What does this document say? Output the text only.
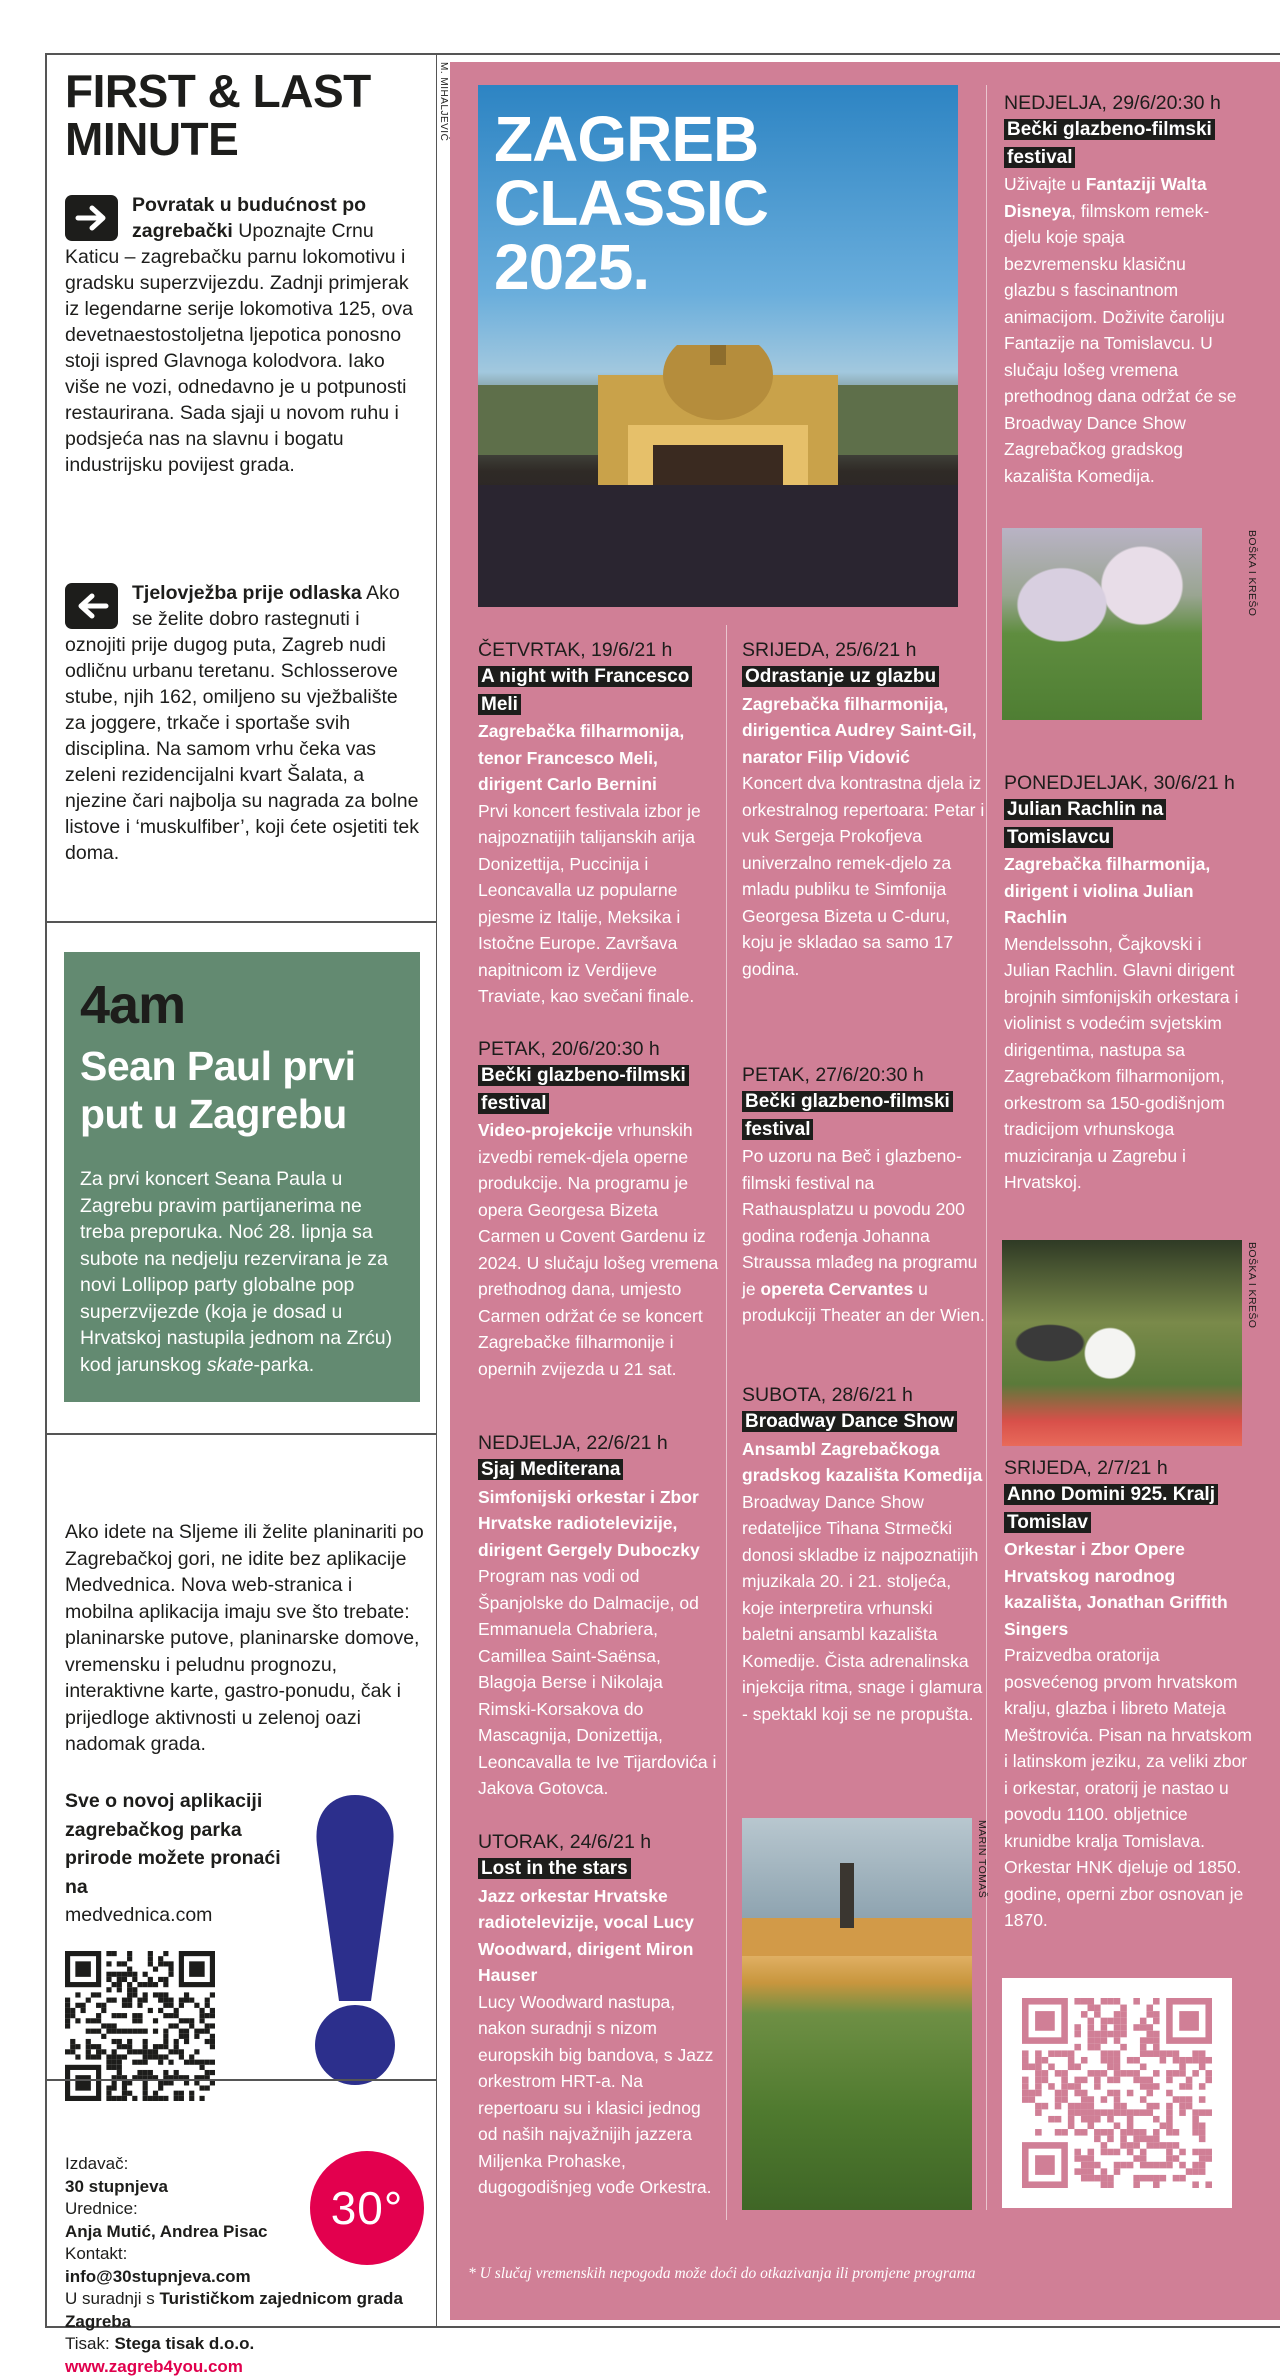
FIRST & LAST MINUTE
Povratak u budućnost po zagrebački Upoznajte Crnu Katicu – zagrebačku parnu lokomotivu i gradsku superzvijezdu. Zadnji primjerak iz legendarne serije lokomotiva 125, ova devetnaestostoljetna ljepotica ponosno stoji ispred Glavnoga kolodvora. Iako više ne vozi, odnedavno je u potpunosti restaurirana. Sada sjaji u novom ruhu i podsjeća nas na slavnu i bogatu industrijsku povijest grada.
Tjelovježba prije odlaska Ako se želite dobro rastegnuti i oznojiti prije dugog puta, Zagreb nudi odličnu urbanu teretanu. Schlosserove stube, njih 162, omiljeno su vježbalište za joggere, trkače i sportaše svih disciplina. Na samom vrhu čeka vas zeleni rezidencijalni kvart Šalata, a njezine čari najbolja su nagrada za bolne listove i ‘muskulfiber’, koji ćete osjetiti tek doma.
4am
Sean Paul prvi put u Zagrebu
Za prvi koncert Seana Paula u Zagrebu pravim partijanerima ne treba preporuka. Noć 28. lipnja sa subote na nedjelju rezervirana je za novi Lollipop party globalne pop superzvijezde (koja je dosad u Hrvatskoj nastupila jednom na Zrću) kod jarunskog skate-parka.
Ako idete na Sljeme ili želite planinariti po Zagrebačkoj gori, ne idite bez aplikacije Medvednica. Nova web-stranica i mobilna aplikacija imaju sve što trebate: planinarske putove, planinarske domove, vremensku i peludnu prognozu, interaktivne karte, gastro-ponudu, čak i prijedloge aktivnosti u zelenoj oazi nadomak grada.
Sve o novoj aplikaciji zagrebačkog parka prirode možete pronaći na
medvednica.com
Izdavač:
30 stupnjeva
Urednice:
Anja Mutić, Andrea Pisac
Kontakt:
info@30stupnjeva.com
U suradnji s Turističkom zajednicom grada Zagreba
Tisak: Stega tisak d.o.o.
www.zagreb4you.com
30°
M. MIHALJEVIĆ ZAGREB
CLASSIC
2025.
BOŠKA I KREŠO
BOŠKA I KREŠO
MARIN TOMAŠ
ČETVRTAK, 19/6/21 h
A night with Francesco Meli
Zagrebačka filharmonija, tenor Francesco Meli, dirigent Carlo Bernini
Prvi koncert festivala izbor je najpoznatijih talijanskih arija Donizettija, Puccinija i Leoncavalla uz popularne pjesme iz Italije, Meksika i Istočne Europe. Završava napitnicom iz Verdijeve Traviate, kao svečani finale.
PETAK, 20/6/20:30 h
Bečki glazbeno-filmski festival
Video-projekcije vrhunskih izvedbi remek-djela operne produkcije. Na programu je opera Georgesa Bizeta Carmen u Covent Gardenu iz 2024. U slučaju lošeg vremena prethodnog dana, umjesto Carmen održat će se koncert Zagrebačke filharmonije i opernih zvijezda u 21 sat.
NEDJELJA, 22/6/21 h
Sjaj Mediterana
Simfonijski orkestar i Zbor Hrvatske radiotelevizije, dirigent Gergely Duboczky
Program nas vodi od Španjolske do Dalmacije, od Emmanuela Chabriera, Camillea Saint-Saënsa, Blagoja Berse i Nikolaja Rimski-Korsakova do Mascagnija, Donizettija, Leoncavalla te Ive Tijardovića i Jakova Gotovca.
UTORAK, 24/6/21 h
Lost in the stars
Jazz orkestar Hrvatske radiotelevizije, vocal Lucy Woodward, dirigent Miron Hauser
Lucy Woodward nastupa, nakon suradnji s nizom europskih big bandova, s Jazz orkestrom HRT-a. Na repertoaru su i klasici jednog od naših najvažnijih jazzera Miljenka Prohaske, dugogodišnjeg vođe Orkestra.
SRIJEDA, 25/6/21 h
Odrastanje uz glazbu
Zagrebačka filharmonija, dirigentica Audrey Saint-Gil, narator Filip Vidović
Koncert dva kontrastna djela iz orkestralnog repertoara: Petar i vuk Sergeja Prokofjeva univerzalno remek-djelo za mladu publiku te Simfonija Georgesa Bizeta u C-duru, koju je skladao sa samo 17 godina.
PETAK, 27/6/20:30 h
Bečki glazbeno-filmski festival
Po uzoru na Beč i glazbeno-filmski festival na Rathausplatzu u povodu 200 godina rođenja Johanna Straussa mlađeg na programu je opereta Cervantes u produkciji Theater an der Wien.
SUBOTA, 28/6/21 h
Broadway Dance Show
Ansambl Zagrebačkoga gradskog kazališta Komedija
Broadway Dance Show redateljice Tihana Strmečki donosi skladbe iz najpoznatijih mjuzikala 20. i 21. stoljeća, koje interpretira vrhunski baletni ansambl kazališta Komedije. Čista adrenalinska injekcija ritma, snage i glamura - spektakl koji se ne propušta.
NEDJELJA, 29/6/20:30 h
Bečki glazbeno-filmski festival
Uživajte u Fantaziji Walta Disneya, filmskom remek-djelu koje spaja bezvremensku klasičnu glazbu s fascinantnom animacijom. Doživite čaroliju Fantazije na Tomislavcu. U slučaju lošeg vremena prethodnog dana održat će se Broadway Dance Show Zagrebačkog gradskog kazališta Komedija.
PONEDJELJAK, 30/6/21 h
Julian Rachlin na Tomislavcu
Zagrebačka filharmonija, dirigent i violina Julian Rachlin
Mendelssohn, Čajkovski i Julian Rachlin. Glavni dirigent brojnih simfonijskih orkestara i violinist s vodećim svjetskim dirigentima, nastupa sa Zagrebačkom filharmonijom, orkestrom sa 150-godišnjom tradicijom vrhunskoga muziciranja u Zagrebu i Hrvatskoj.
SRIJEDA, 2/7/21 h
Anno Domini 925. Kralj Tomislav
Orkestar i Zbor Opere Hrvatskog narodnog kazališta, Jonathan Griffith Singers
Praizvedba oratorija posvećenog prvom hrvatskom kralju, glazba i libreto Mateja Meštrovića. Pisan na hrvatskom i latinskom jeziku, za veliki zbor i orkestar, oratorij je nastao u povodu 1100. obljetnice krunidbe kralja Tomislava. Orkestar HNK djeluje od 1850. godine, operni zbor osnovan je 1870.
* U slučaj vremenskih nepogoda može doći do otkazivanja ili promjene programa
